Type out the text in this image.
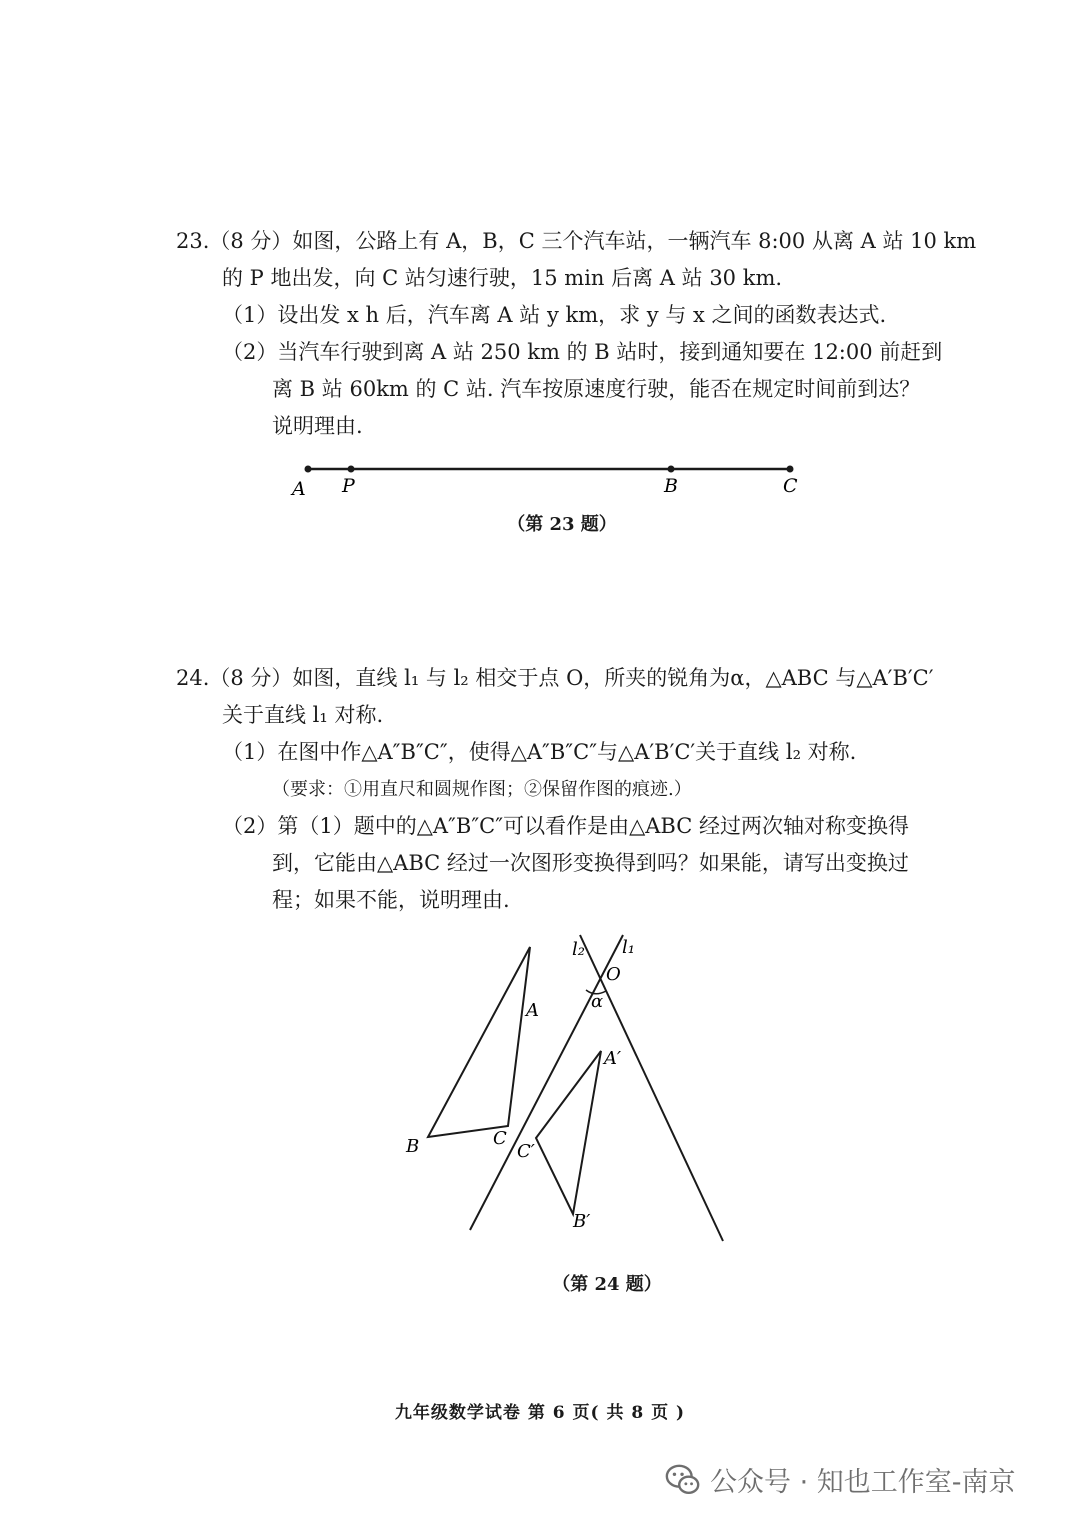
23.（8 分）如图，公路上有 A，B，C 三个汽车站，一辆汽车 8:00 从离 A 站 10 km

的 P 地出发，向 C 站匀速行驶，15 min 后离 A 站 30 km.

（1）设出发 x h 后，汽车离 A 站 y km，求 y 与 x 之间的函数表达式.

（2）当汽车行驶到离 A 站 250 km 的 B 站时，接到通知要在 12:00 前赶到

离 B 站 60km 的 C 站. 汽车按原速度行驶，能否在规定时间前到达？

说明理由.

A P	B	C
（第 23 题）

24.（8 分）如图，直线 l₁ 与 l₂ 相交于点 O，所夹的锐角为α，△ABC 与△A′B′C′

关于直线 l₁ 对称.

（1）在图中作△A″B″C″，使得△A″B″C″与△A′B′C′关于直线 l₂ 对称.

（要求：①用直尺和圆规作图；②保留作图的痕迹.）

（2）第（1）题中的△A″B″C″可以看作是由△ABC 经过两次轴对称变换得

到，它能由△ABC 经过一次图形变换得到吗？如果能，请写出变换过

程；如果不能，说明理由.

l₂ l₁
O
α
A
B	C
A′
C′
B′
（第 24 题）
九年级数学试卷 第 6 页( 共 8 页 )
公众号 · 知也工作室-南京
